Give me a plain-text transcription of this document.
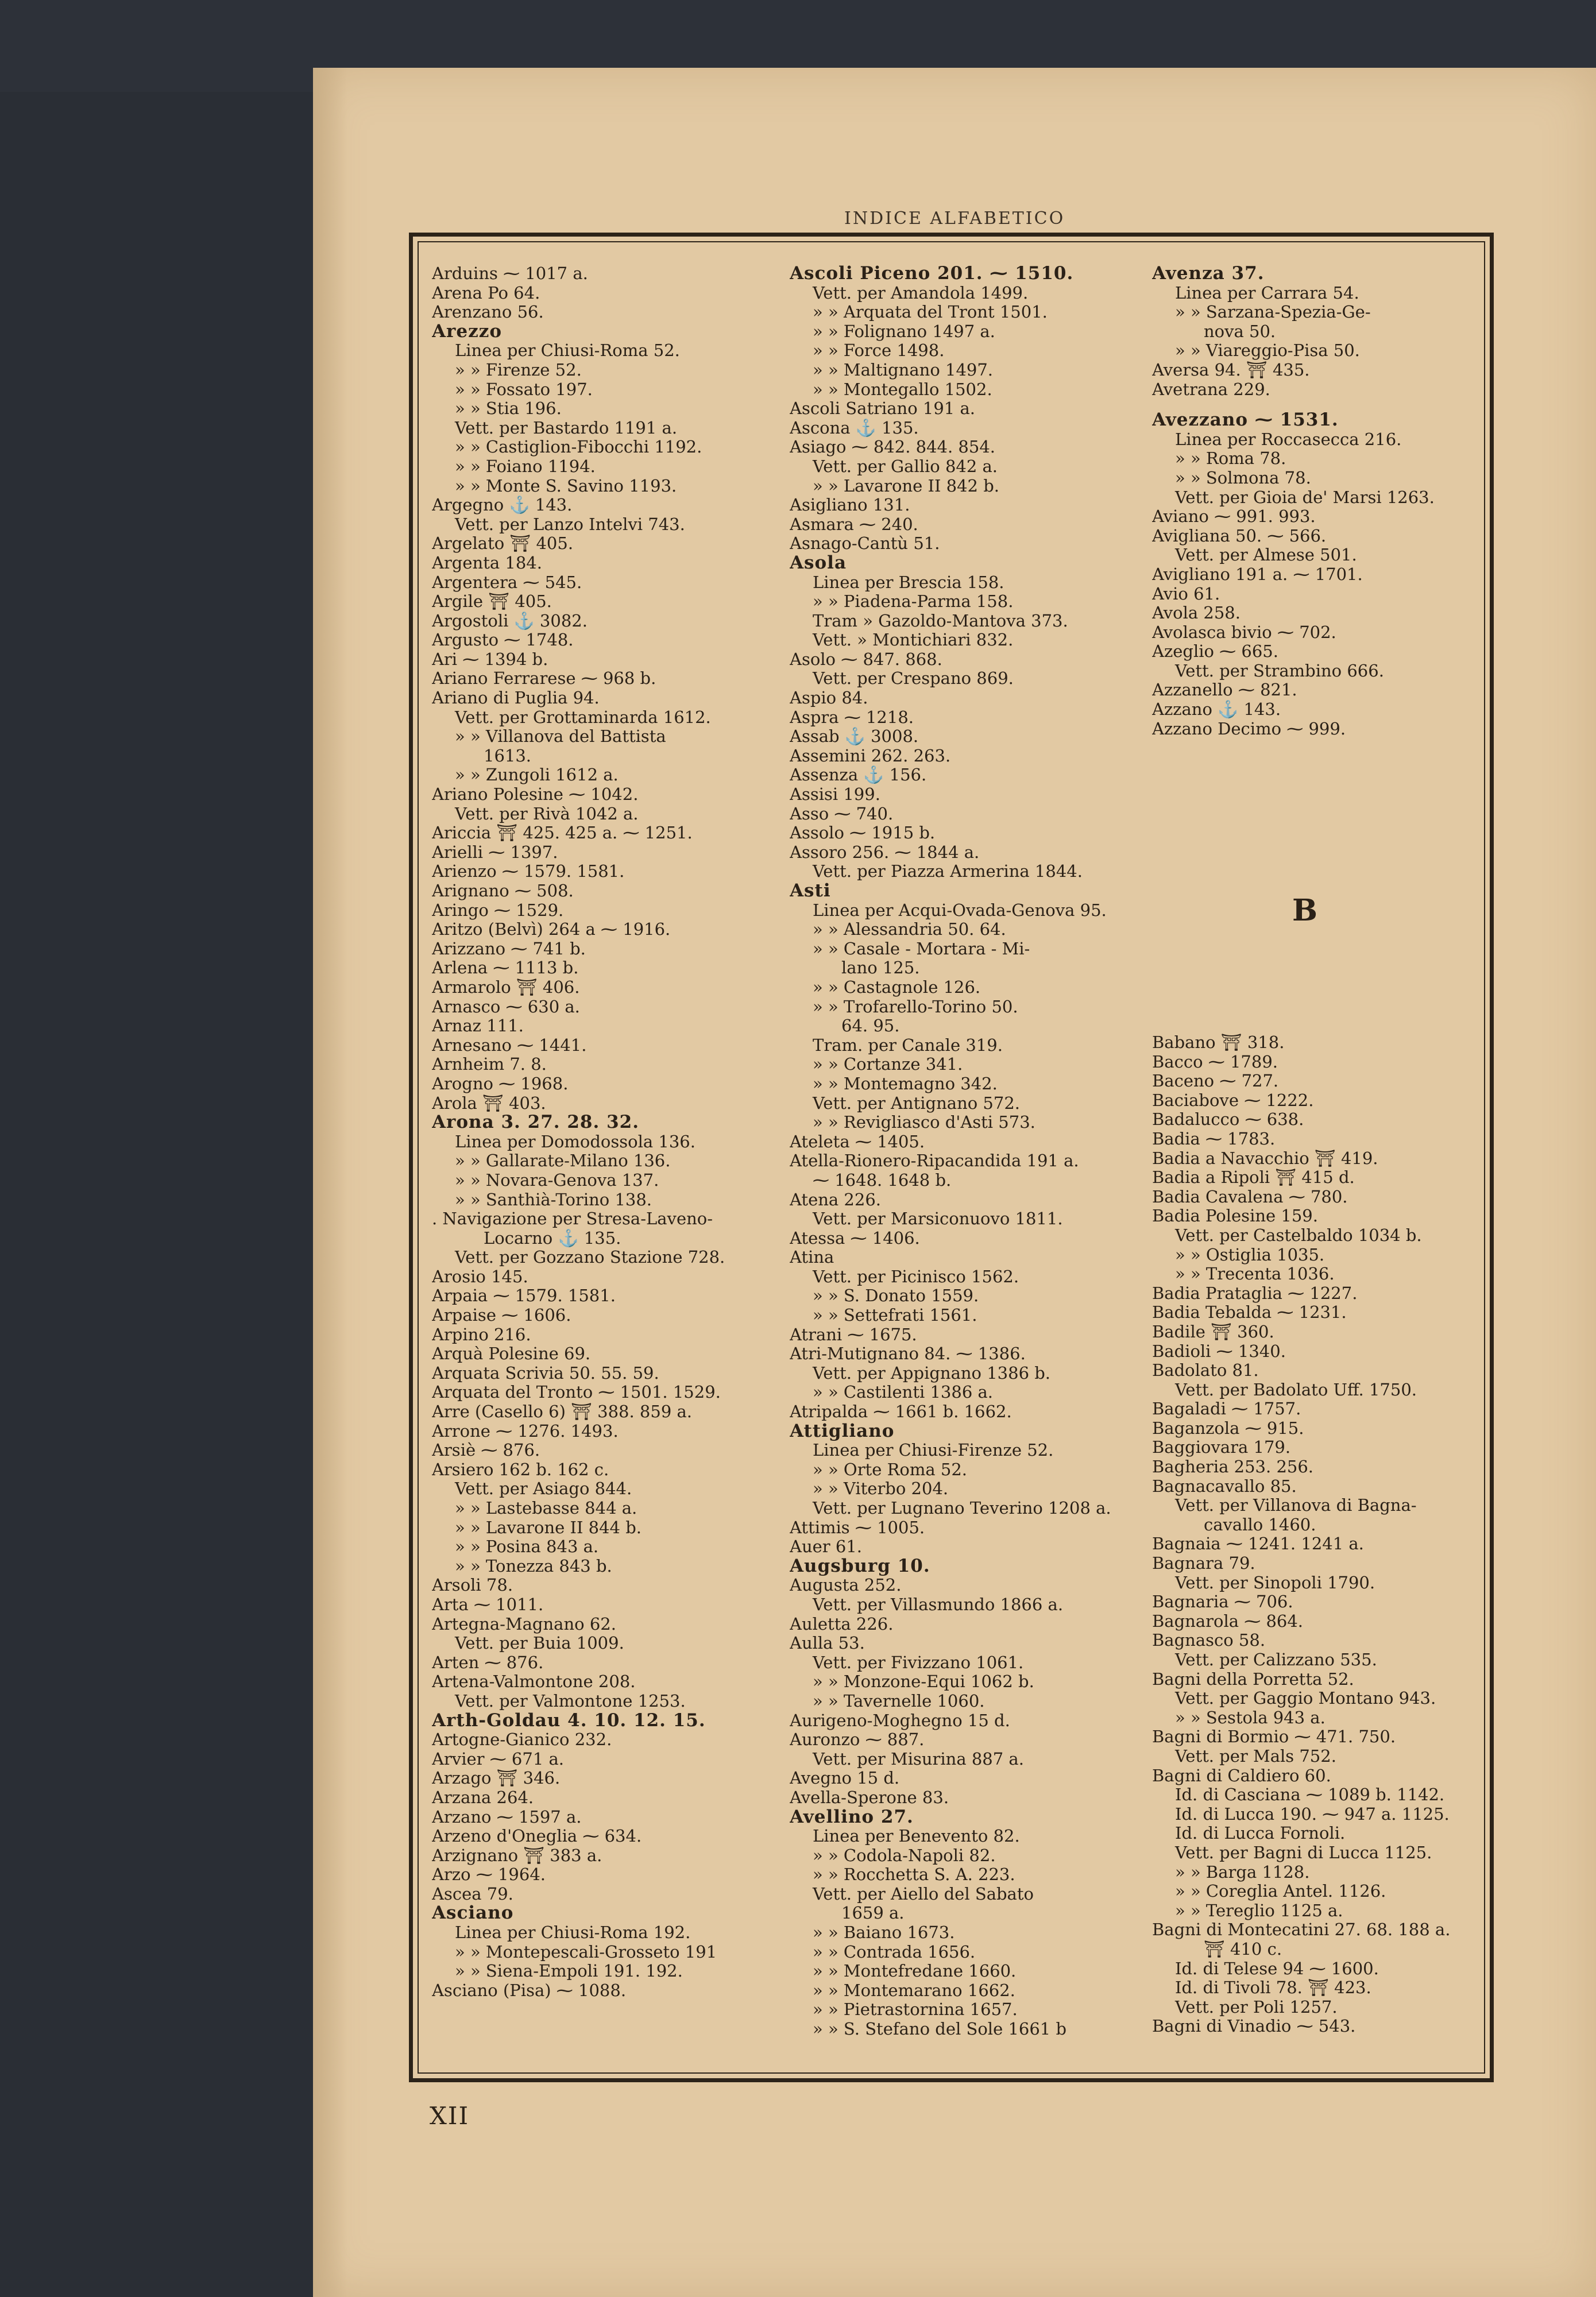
INDICE ALFABETICO
Arduins ⁓ 1017 a.
Arena Po 64.
Arenzano 56.
Arezzo
Linea per Chiusi-Roma 52.
» » Firenze 52.
» » Fossato 197.
» » Stia 196.
Vett. per Bastardo 1191 a.
» » Castiglion-Fibocchi 1192.
» » Foiano 1194.
» » Monte S. Savino 1193.
Argegno ⚓ 143.
Vett. per Lanzo Intelvi 743.
Argelato ⛩ 405.
Argenta 184.
Argentera ⁓ 545.
Argile ⛩ 405.
Argostoli ⚓ 3082.
Argusto ⁓ 1748.
Ari ⁓ 1394 b.
Ariano Ferrarese ⁓ 968 b.
Ariano di Puglia 94.
Vett. per Grottaminarda 1612.
» » Villanova del Battista
1613.
» » Zungoli 1612 a.
Ariano Polesine ⁓ 1042.
Vett. per Rivà 1042 a.
Ariccia ⛩ 425. 425 a. ⁓ 1251.
Arielli ⁓ 1397.
Arienzo ⁓ 1579. 1581.
Arignano ⁓ 508.
Aringo ⁓ 1529.
Aritzo (Belvì) 264 a ⁓ 1916.
Arizzano ⁓ 741 b.
Arlena ⁓ 1113 b.
Armarolo ⛩ 406.
Arnasco ⁓ 630 a.
Arnaz 111.
Arnesano ⁓ 1441.
Arnheim 7. 8.
Arogno ⁓ 1968.
Arola ⛩ 403.
Arona 3. 27. 28. 32.
Linea per Domodossola 136.
» » Gallarate-Milano 136.
» » Novara-Genova 137.
» » Santhià-Torino 138.
. Navigazione per Stresa-Laveno-
Locarno ⚓ 135.
Vett. per Gozzano Stazione 728.
Arosio 145.
Arpaia ⁓ 1579. 1581.
Arpaise ⁓ 1606.
Arpino 216.
Arquà Polesine 69.
Arquata Scrivia 50. 55. 59.
Arquata del Tronto ⁓ 1501. 1529.
Arre (Casello 6) ⛩ 388. 859 a.
Arrone ⁓ 1276. 1493.
Arsiè ⁓ 876.
Arsiero 162 b. 162 c.
Vett. per Asiago 844.
» » Lastebasse 844 a.
» » Lavarone II 844 b.
» » Posina 843 a.
» » Tonezza 843 b.
Arsoli 78.
Arta ⁓ 1011.
Artegna-Magnano 62.
Vett. per Buia 1009.
Arten ⁓ 876.
Artena-Valmontone 208.
Vett. per Valmontone 1253.
Arth-Goldau 4. 10. 12. 15.
Artogne-Gianico 232.
Arvier ⁓ 671 a.
Arzago ⛩ 346.
Arzana 264.
Arzano ⁓ 1597 a.
Arzeno d'Oneglia ⁓ 634.
Arzignano ⛩ 383 a.
Arzo ⁓ 1964.
Ascea 79.
Asciano
Linea per Chiusi-Roma 192.
» » Montepescali-Grosseto 191
» » Siena-Empoli 191. 192.
Asciano (Pisa) ⁓ 1088.
Ascoli Piceno 201. ⁓ 1510.
Vett. per Amandola 1499.
» » Arquata del Tront 1501.
» » Folignano 1497 a.
» » Force 1498.
» » Maltignano 1497.
» » Montegallo 1502.
Ascoli Satriano 191 a.
Ascona ⚓ 135.
Asiago ⁓ 842. 844. 854.
Vett. per Gallio 842 a.
» » Lavarone II 842 b.
Asigliano 131.
Asmara ⁓ 240.
Asnago-Cantù 51.
Asola
Linea per Brescia 158.
» » Piadena-Parma 158.
Tram » Gazoldo-Mantova 373.
Vett. » Montichiari 832.
Asolo ⁓ 847. 868.
Vett. per Crespano 869.
Aspio 84.
Aspra ⁓ 1218.
Assab ⚓ 3008.
Assemini 262. 263.
Assenza ⚓ 156.
Assisi 199.
Asso ⁓ 740.
Assolo ⁓ 1915 b.
Assoro 256. ⁓ 1844 a.
Vett. per Piazza Armerina 1844.
Asti
Linea per Acqui-Ovada-Genova 95.
» » Alessandria 50. 64.
» » Casale - Mortara - Mi-
lano 125.
» » Castagnole 126.
» » Trofarello-Torino 50.
64. 95.
Tram. per Canale 319.
» » Cortanze 341.
» » Montemagno 342.
Vett. per Antignano 572.
» » Revigliasco d'Asti 573.
Ateleta ⁓ 1405.
Atella-Rionero-Ripacandida 191 a.
⁓ 1648. 1648 b.
Atena 226.
Vett. per Marsiconuovo 1811.
Atessa ⁓ 1406.
Atina
Vett. per Picinisco 1562.
» » S. Donato 1559.
» » Settefrati 1561.
Atrani ⁓ 1675.
Atri-Mutignano 84. ⁓ 1386.
Vett. per Appignano 1386 b.
» » Castilenti 1386 a.
Atripalda ⁓ 1661 b. 1662.
Attigliano
Linea per Chiusi-Firenze 52.
» » Orte Roma 52.
» » Viterbo 204.
Vett. per Lugnano Teverino 1208 a.
Attimis ⁓ 1005.
Auer 61.
Augsburg 10.
Augusta 252.
Vett. per Villasmundo 1866 a.
Auletta 226.
Aulla 53.
Vett. per Fivizzano 1061.
» » Monzone-Equi 1062 b.
» » Tavernelle 1060.
Aurigeno-Moghegno 15 d.
Auronzo ⁓ 887.
Vett. per Misurina 887 a.
Avegno 15 d.
Avella-Sperone 83.
Avellino 27.
Linea per Benevento 82.
» » Codola-Napoli 82.
» » Rocchetta S. A. 223.
Vett. per Aiello del Sabato
1659 a.
» » Baiano 1673.
» » Contrada 1656.
» » Montefredane 1660.
» » Montemarano 1662.
» » Pietrastornina 1657.
» » S. Stefano del Sole 1661 b
Avenza 37.
Linea per Carrara 54.
» » Sarzana-Spezia-Ge-
nova 50.
» » Viareggio-Pisa 50.
Aversa 94. ⛩ 435.
Avetrana 229.
Avezzano ⁓ 1531.
Linea per Roccasecca 216.
» » Roma 78.
» » Solmona 78.
Vett. per Gioia de' Marsi 1263.
Aviano ⁓ 991. 993.
Avigliana 50. ⁓ 566.
Vett. per Almese 501.
Avigliano 191 a. ⁓ 1701.
Avio 61.
Avola 258.
Avolasca bivio ⁓ 702.
Azeglio ⁓ 665.
Vett. per Strambino 666.
Azzanello ⁓ 821.
Azzano ⚓ 143.
Azzano Decimo ⁓ 999.
Babano ⛩ 318.
Bacco ⁓ 1789.
Baceno ⁓ 727.
Baciabove ⁓ 1222.
Badalucco ⁓ 638.
Badia ⁓ 1783.
Badia a Navacchio ⛩ 419.
Badia a Ripoli ⛩ 415 d.
Badia Cavalena ⁓ 780.
Badia Polesine 159.
Vett. per Castelbaldo 1034 b.
» » Ostiglia 1035.
» » Trecenta 1036.
Badia Prataglia ⁓ 1227.
Badia Tebalda ⁓ 1231.
Badile ⛩ 360.
Badioli ⁓ 1340.
Badolato 81.
Vett. per Badolato Uff. 1750.
Bagaladi ⁓ 1757.
Baganzola ⁓ 915.
Baggiovara 179.
Bagheria 253. 256.
Bagnacavallo 85.
Vett. per Villanova di Bagna-
cavallo 1460.
Bagnaia ⁓ 1241. 1241 a.
Bagnara 79.
Vett. per Sinopoli 1790.
Bagnaria ⁓ 706.
Bagnarola ⁓ 864.
Bagnasco 58.
Vett. per Calizzano 535.
Bagni della Porretta 52.
Vett. per Gaggio Montano 943.
» » Sestola 943 a.
Bagni di Bormio ⁓ 471. 750.
Vett. per Mals 752.
Bagni di Caldiero 60.
Id. di Casciana ⁓ 1089 b. 1142.
Id. di Lucca 190. ⁓ 947 a. 1125.
Id. di Lucca Fornoli.
Vett. per Bagni di Lucca 1125.
» » Barga 1128.
» » Coreglia Antel. 1126.
» » Tereglio 1125 a.
Bagni di Montecatini 27. 68. 188 a.
⛩ 410 c.
Id. di Telese 94 ⁓ 1600.
Id. di Tivoli 78. ⛩ 423.
Vett. per Poli 1257.
Bagni di Vinadio ⁓ 543.
B
XII
